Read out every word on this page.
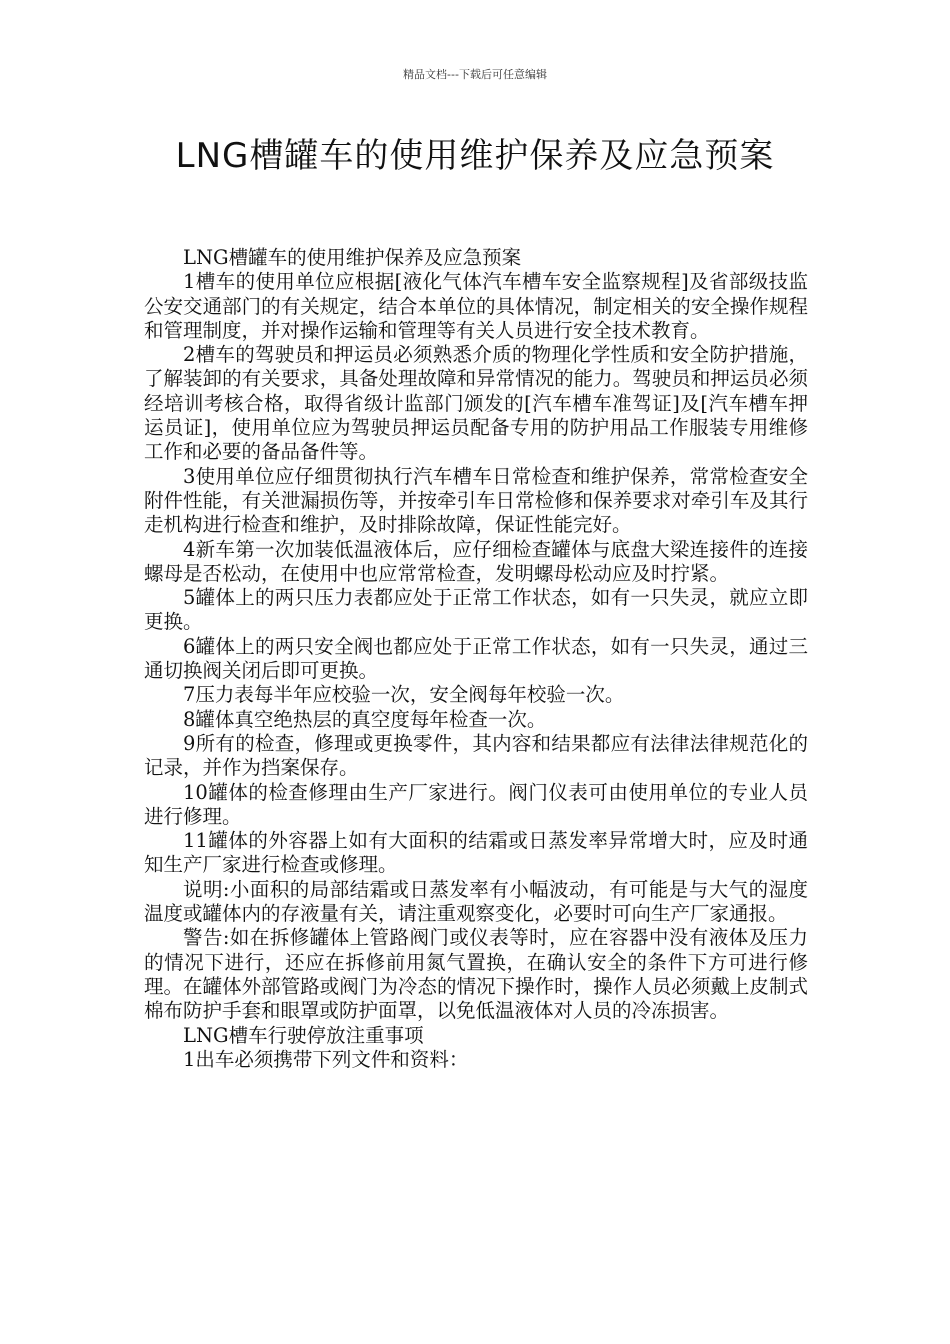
精品文档---下载后可任意编辑
LNG槽罐车的使用维护保养及应急预案

LNG槽罐车的使用维护保养及应急预案

1槽车的使用单位应根据[液化气体汽车槽车安全监察规程]及省部级技监公安交通部门的有关规定，结合本单位的具体情况，制定相关的安全操作规程和管理制度，并对操作运输和管理等有关人员进行安全技术教育。

2槽车的驾驶员和押运员必须熟悉介质的物理化学性质和安全防护措施，了解装卸的有关要求，具备处理故障和异常情况的能力。驾驶员和押运员必须经培训考核合格，取得省级计监部门颁发的[汽车槽车准驾证]及[汽车槽车押运员证]，使用单位应为驾驶员押运员配备专用的防护用品工作服装专用维修工作和必要的备品备件等。

3使用单位应仔细贯彻执行汽车槽车日常检查和维护保养，常常检查安全附件性能，有关泄漏损伤等，并按牵引车日常检修和保养要求对牵引车及其行走机构进行检查和维护，及时排除故障，保证性能完好。

4新车第一次加装低温液体后，应仔细检查罐体与底盘大梁连接件的连接螺母是否松动，在使用中也应常常检查，发明螺母松动应及时拧紧。

5罐体上的两只压力表都应处于正常工作状态，如有一只失灵，就应立即更换。

6罐体上的两只安全阀也都应处于正常工作状态，如有一只失灵，通过三通切换阀关闭后即可更换。

7压力表每半年应校验一次，安全阀每年校验一次。

8罐体真空绝热层的真空度每年检查一次。

9所有的检查，修理或更换零件，其内容和结果都应有法律法律规范化的记录，并作为挡案保存。

10罐体的检查修理由生产厂家进行。阀门仪表可由使用单位的专业人员进行修理。

11罐体的外容器上如有大面积的结霜或日蒸发率异常增大时，应及时通知生产厂家进行检查或修理。

说明:小面积的局部结霜或日蒸发率有小幅波动，有可能是与大气的湿度温度或罐体内的存液量有关，请注重观察变化，必要时可向生产厂家通报。

警告:如在拆修罐体上管路阀门或仪表等时，应在容器中没有液体及压力的情况下进行，还应在拆修前用氮气置换，在确认安全的条件下方可进行修理。在罐体外部管路或阀门为冷态的情况下操作时，操作人员必须戴上皮制式棉布防护手套和眼罩或防护面罩，以免低温液体对人员的冷冻损害。

LNG槽车行驶停放注重事项

1出车必须携带下列文件和资料：
